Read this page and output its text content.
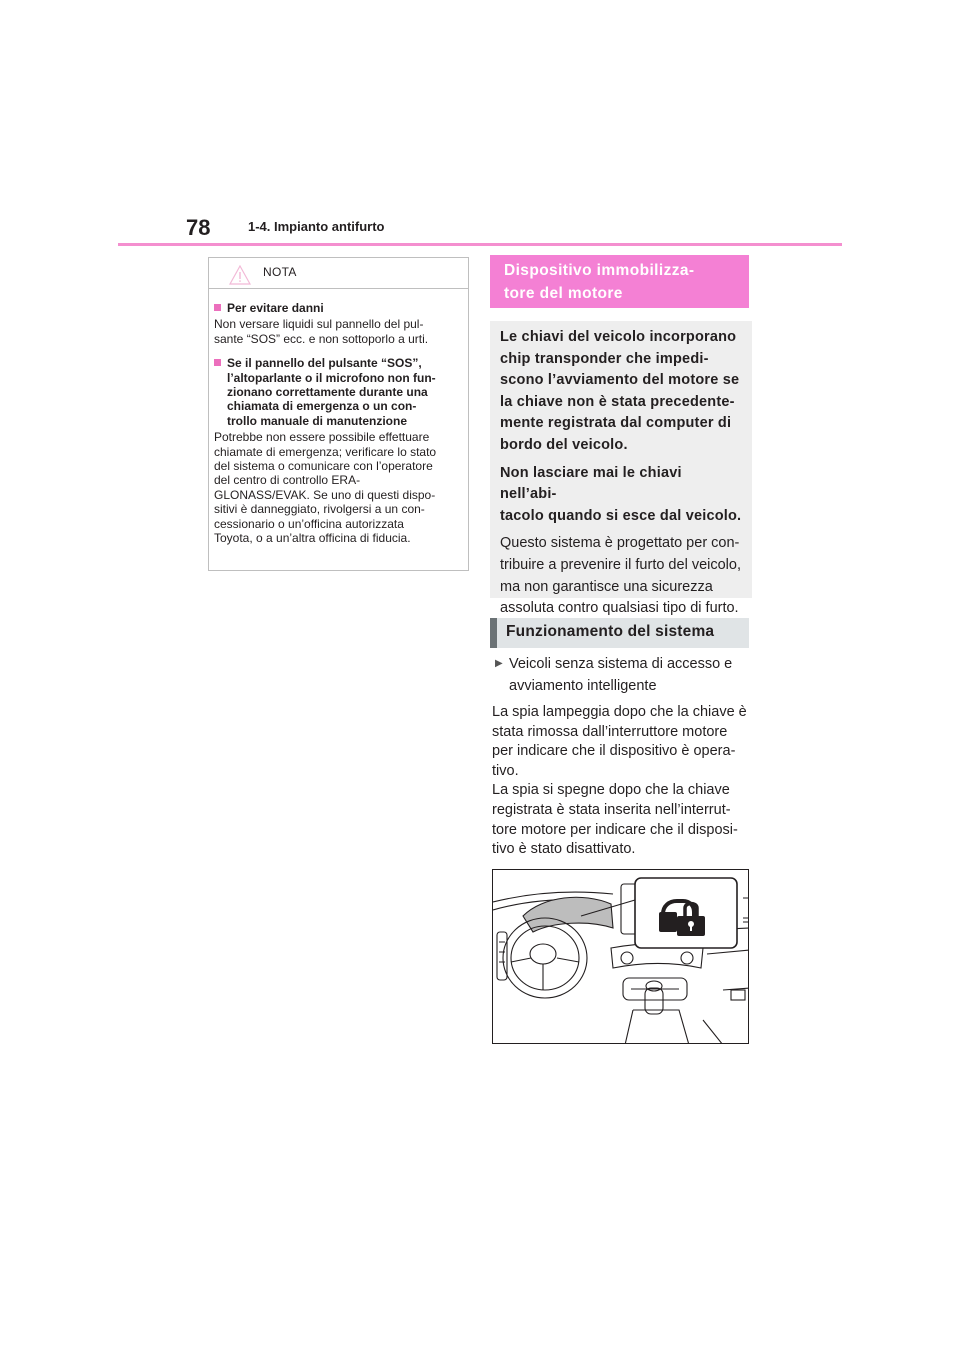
78	1-4. Impianto antifurto
NOTA
Per evitare danni
Non versare liquidi sul pannello del pul-
sante “SOS” ecc. e non sottoporlo a urti.
Se il pannello del pulsante “SOS”,
l’altoparlante o il microfono non fun-
zionano correttamente durante una
chiamata di emergenza o un con-
trollo manuale di manutenzione
Potrebbe non essere possibile effettuare
chiamate di emergenza; verificare lo stato
del sistema o comunicare con l’operatore
del centro di controllo ERA-
GLONASS/EVAK. Se uno di questi dispo-
sitivi è danneggiato, rivolgersi a un con-
cessionario o un’officina autorizzata
Toyota, o a un’altra officina di fiducia.
Dispositivo immobilizza-
tore del motore
Le chiavi del veicolo incorporano
chip transponder che impedi-
scono l’avviamento del motore se
la chiave non è stata precedente-
mente registrata dal computer di
bordo del veicolo.
Non lasciare mai le chiavi nell’abi-
tacolo quando si esce dal veicolo.
Questo sistema è progettato per con-
tribuire a prevenire il furto del veicolo,
ma non garantisce una sicurezza
assoluta contro qualsiasi tipo di furto.
Funzionamento del sistema
▶ Veicoli senza sistema di accesso e
avviamento intelligente
La spia lampeggia dopo che la chiave è
stata rimossa dall’interruttore motore
per indicare che il dispositivo è opera-
tivo.
La spia si spegne dopo che la chiave
registrata è stata inserita nell’interrut-
tore motore per indicare che il disposi-
tivo è stato disattivato.
